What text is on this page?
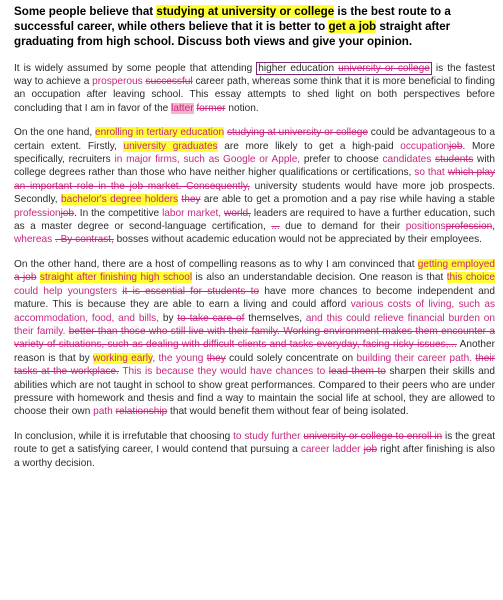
Some people believe that studying at university or college is the best route to a successful career, while others believe that it is better to get a job straight after graduating from high school. Discuss both views and give your opinion.
It is widely assumed by some people that attending higher education university or college is the fastest way to achieve a prosperous successful career path, whereas some think that it is more beneficial to finding an occupation after leaving school. This essay attempts to shed light on both perspectives before concluding that I am in favor of the latter former notion.
On the one hand, enrolling in tertiary education studying at university or college could be advantageous to a certain extent. Firstly, university graduates are more likely to get a high-paid occupationjob. More specifically, recruiters in major firms, such as Google or Apple, prefer to choose candidates students with college degrees rather than those who have neither higher qualifications or certifications, so that which play an important role in the job market. Consequently, university students would have more job prospects. Secondly, bachelor's degree holders they are able to get a promotion and a pay rise while having a stable professionjob. In the competitive labor market, world, leaders are required to have a further education, such as a master degree or second-language certification, ... due to demand for their positionsprofession, whereas . By contrast, bosses without academic education would not be appreciated by their employees.
On the other hand, there are a host of compelling reasons as to why I am convinced that getting employed a job straight after finishing high school is also an understandable decision. One reason is that this choice could help youngsters it is essential for students to have more chances to become independent and mature. This is because they are able to earn a living and could afford various costs of living, such as accommodation, food, and bills, by to take care of themselves, and this could relieve financial burden on their family. better than those who still live with their family. Working environment makes them encounter a variety of situations, such as dealing with difficult clients and tasks everyday, facing risky issues,... Another reason is that by working early, the young they could solely concentrate on building their career path. their tasks at the workplace. This is because they would have chances to lead them to sharpen their skills and abilities which are not taught in school to show great performances. Compared to their peers who are under pressure with homework and thesis and find a way to maintain the social life at school, they are allowed to choose their own path relationship that would benefit them without fear of being isolated.
In conclusion, while it is irrefutable that choosing to study further university or college to enroll in is the great route to get a satisfying career, I would contend that pursuing a career ladder job right after finishing is also a worthy decision.
